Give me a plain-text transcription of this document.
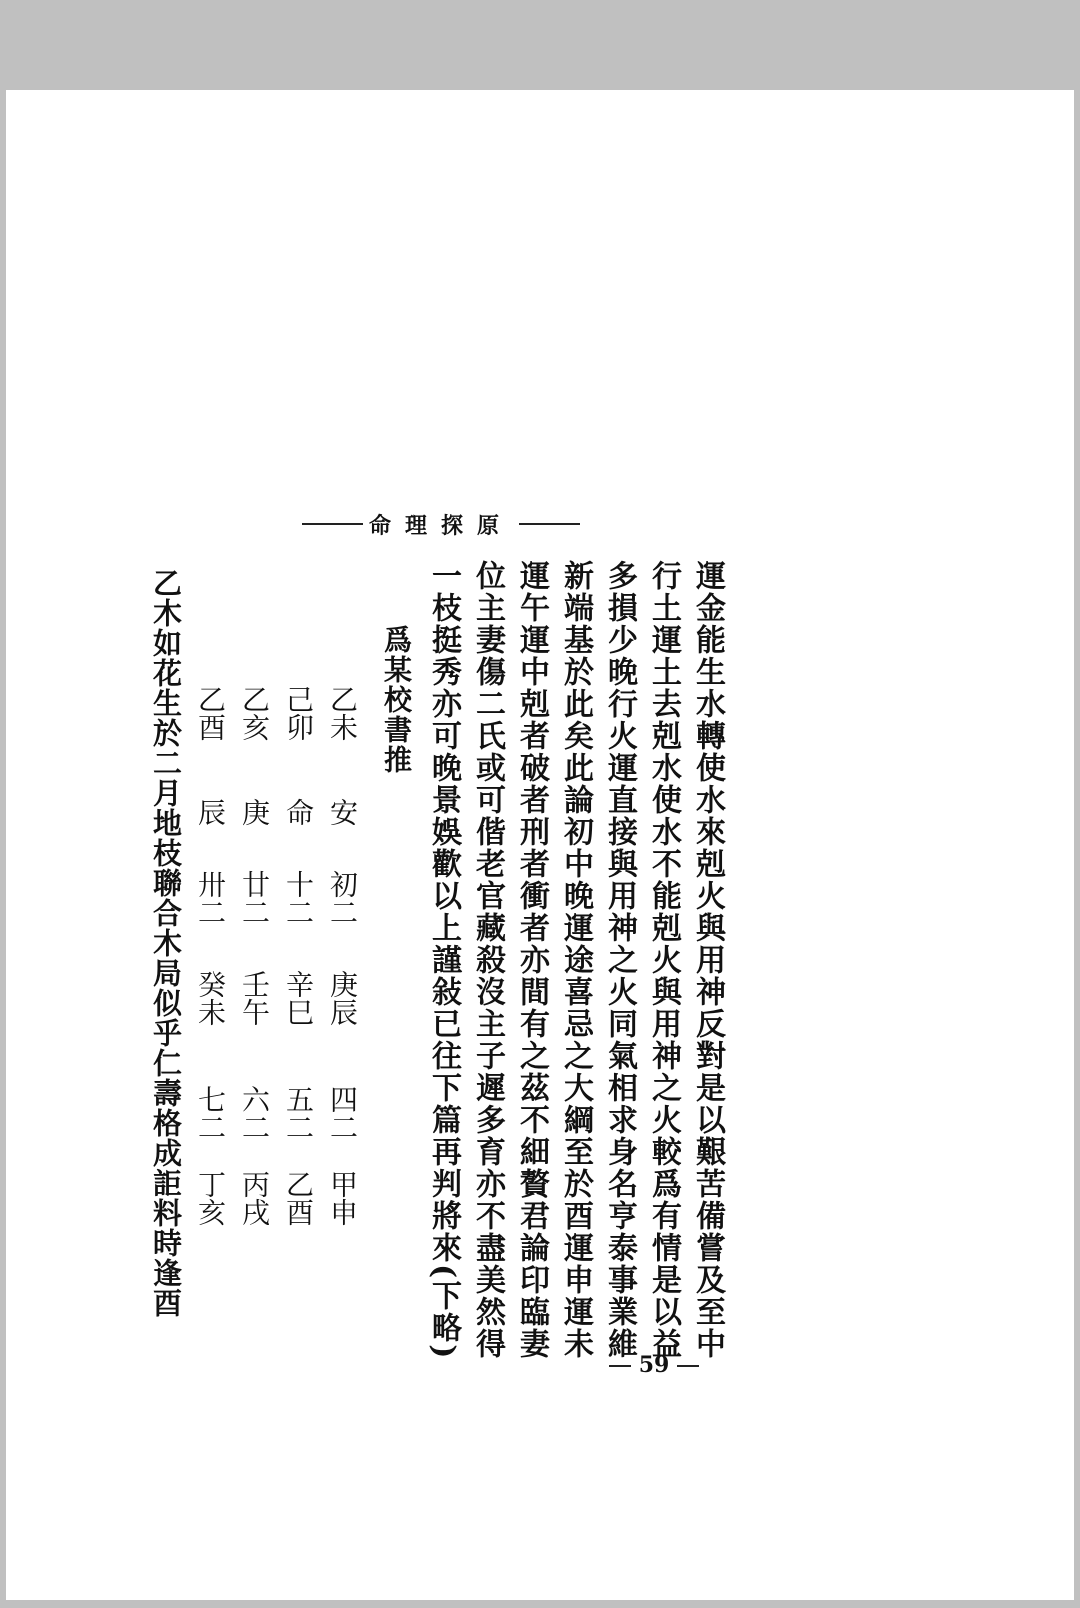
命理探原
運金能生水轉使水來剋火與用神反對是以艱苦備嘗及至中
行土運土去剋水使水不能剋火與用神之火較爲有情是以益
多損少晚行火運直接與用神之火同氣相求身名亨泰事業維
新端基於此矣此論初中晚運途喜忌之大綱至於酉運申運未
運午運中剋者破者刑者衝者亦間有之茲不細贅君論印臨妻
位主妻傷二氏或可偕老官藏殺沒主子遲多育亦不盡美然得
一枝挺秀亦可晚景娛歡以上謹敍已往下篇再判將來(下略)
爲某校書推
乙未
己卯
乙亥
乙酉
安
命
庚
辰
初二
十二
廿二
卅二
庚辰
辛巳
壬午
癸未
四二
五二
六二
七二
甲申
乙酉
丙戌
丁亥
乙木如花生於二月地枝聯合木局似乎仁壽格成詎料時逢酉
59
